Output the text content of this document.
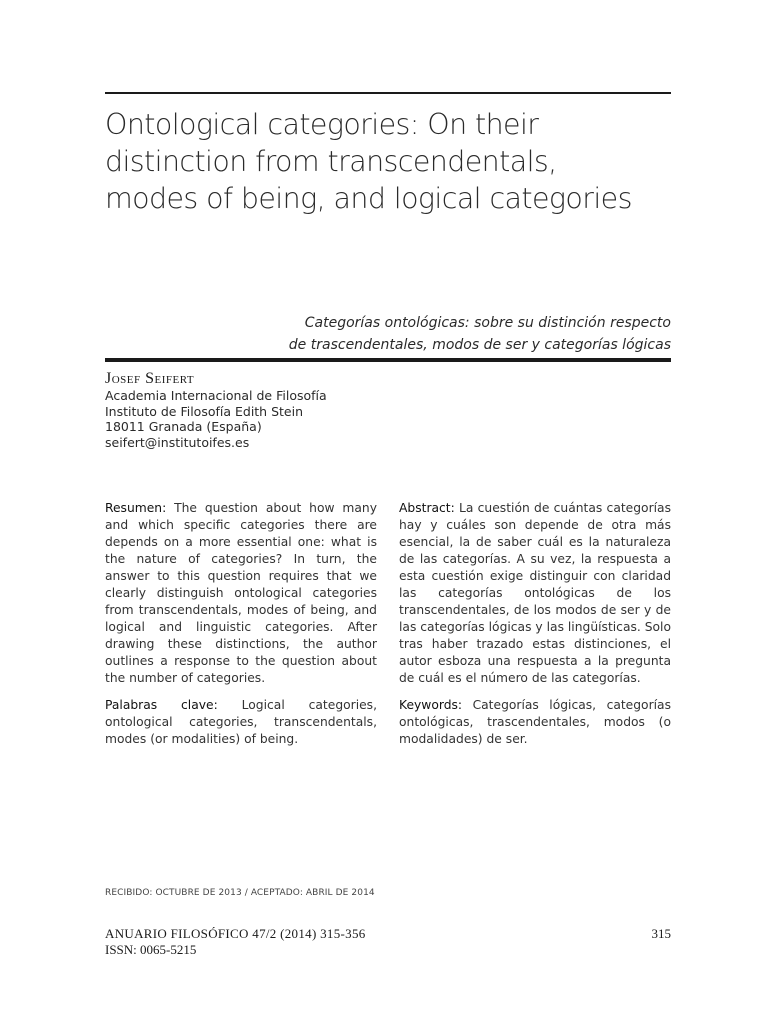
Ontological categories: On their
distinction from transcendentals,
modes of being, and logical categories
Categorías ontológicas: sobre su distinción respecto
de trascendentales, modos de ser y categorías lógicas
Josef Seifert
Academia Internacional de Filosofía
Instituto de Filosofía Edith Stein
18011 Granada (España)
seifert@institutoifes.es

Resumen: The question about how many and which specific categories there are depends on a more essential one: what is the nature of categories? In turn, the answer to this question requires that we clearly distinguish ontological categories from transcendentals, modes of being, and logical and linguistic categories. After drawing these distinctions, the author outlines a response to the question about the number of categories.

Palabras clave: Logical categories, ontological categories, transcendentals, modes (or modalities) of being.

Abstract: La cuestión de cuántas categorías hay y cuáles son depende de otra más esencial, la de saber cuál es la naturaleza de las categorías. A su vez, la respuesta a esta cuestión exige distinguir con claridad las categorías ontológicas de los transcendentales, de los modos de ser y de las categorías lógicas y las lingüísticas. Solo tras haber trazado estas distinciones, el autor esboza una respuesta a la pregunta de cuál es el número de las categorías.

Keywords: Categorías lógicas, categorías ontológicas, trascendentales, modos (o modalidades) de ser.

RECIBIDO: OCTUBRE DE 2013 / ACEPTADO: ABRIL DE 2014
ANUARIO FILOSÓFICO 47/2 (2014) 315-356
ISSN: 0065-5215
315
